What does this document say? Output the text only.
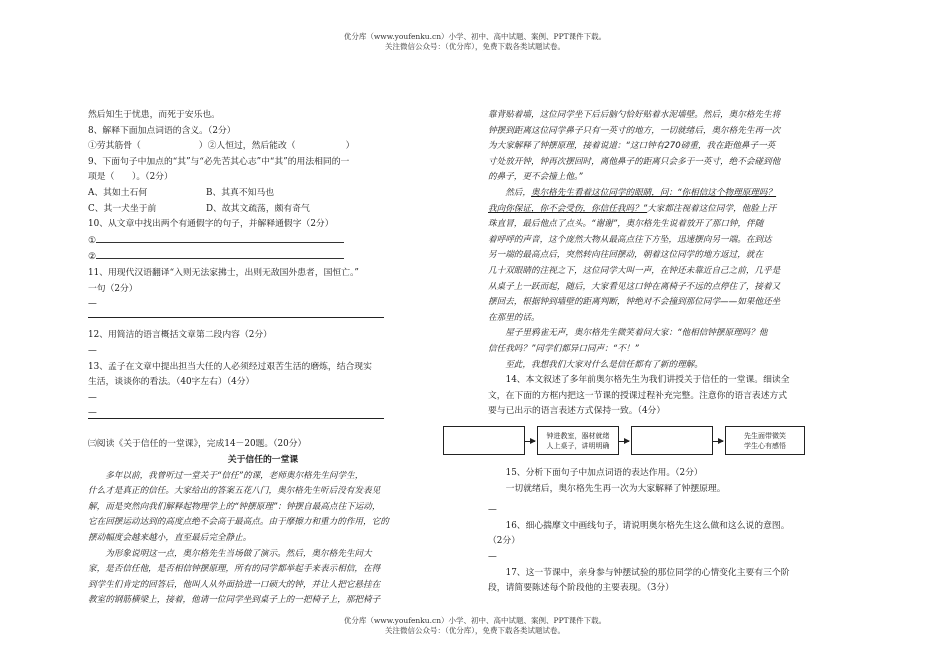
优分库（www.youfenku.cn）小学、初中、高中试题、案例、PPT课件下载。
关注微信公众号：（优分库），免费下载各类试题试卷。

然后知生于忧患，而死于安乐也。

8、解释下面加点词语的含义。（2分）

①劳其筋骨（	）②人恒过，然后能改（	）

9、下面句子中加点的“其”与“必先苦其心志”中“其”的用法相同的一

项是（　　）。（2分）

A、其如土石何	B、其真不知马也

C、其一犬坐于前	D、故其文疏荡，颇有奇气

10、从文章中找出两个有通假字的句子，并解释通假字（2分）

①

②

11、用现代汉语翻译“入则无法家拂士，出则无敌国外患者，国恒亡。”

一句（2分）

—

12、用简洁的语言概括文章第二段内容（2分）

—

13、孟子在文章中提出担当大任的人必须经过艰苦生活的磨炼，结合现实

生活，谈谈你的看法。（40字左右）（4分）

—

—

㈢阅读《关于信任的一堂课》，完成14－20题。（20分）

关于信任的一堂课

多年以前，我曾听过一堂关于“信任”的课，老师奥尔格先生问学生，

什么才是真正的信任。大家给出的答案五花八门，奥尔格先生听后没有发表见

解，而是突然向我们解释起物理学上的“钟摆原理”：钟摆自最高点往下运动，

它在回摆运动达到的高度点绝不会高于最高点。由于摩擦力和重力的作用，它的

摆动幅度会越来越小，直至最后完全静止。

为形象说明这一点，奥尔格先生当场做了演示。然后，奥尔格先生问大

家，是否信任他，是否相信钟摆原理，所有的同学都举起手来表示相信，在得

到学生们肯定的回答后，他叫人从外面拾进一口硕大的钟，并让人把它悬挂在

教室的钢筋横梁上，接着，他请一位同学坐到桌子上的一把椅子上，那把椅子

靠背贴着墙，这位同学坐下后后脑勺恰好贴着水泥墙壁。然后，奥尔格先生将

钟摆到距离这位同学鼻子只有一英寸的地方，一切就绪后，奥尔格先生再一次

为大家解释了钟摆原理，接着说道：“这口钟有270磅重，我在距他鼻子一英

寸处放开钟，钟再次摆回时，离他鼻子的距离只会多于一英寸，绝不会碰到他

的鼻子，更不会撞上他。”

然后，奥尔格先生看着这位同学的眼睛，问：“你相信这个物理原理吗？

我向你保证，你不会受伤，你信任我吗？”大家都注视着这位同学，他脸上汗

珠直冒，最后他点了点头。“谢谢”，奥尔格先生说着放开了那口钟，伴随

着呼呼的声音，这个庞然大物从最高点往下方坠，迅速摆向另一端。在到达

另一端的最高点后，突然转向往回摆动，朝着这位同学的地方返过，就在

几十双眼睛的注视之下，这位同学大叫一声，在钟还未靠近自己之前，几乎是

从桌子上一跃而起，随后，大家看见这口钟在离椅子不远的点停住了，接着又

摆回去，根据钟到墙壁的距离判断，钟绝对不会撞到那位同学——如果他还坐

在那里的话。

屋子里鸦雀无声，奥尔格先生微笑着问大家：“他相信钟摆原理吗？他

信任我吗？”同学们都异口同声：“不！”

至此，我想我们大家对什么是信任都有了新的理解。

14、本文叙述了多年前奥尔格先生为我们讲授关于信任的一堂课。细读全

文，在下面的方框内把这一节课的授课过程补充完整。注意你的语言表述方式

要与已出示的语言表述方式保持一致。（4分）

钟进教室，器材就绪
人上桌子，讲明明确
先生面带微笑
学生心有感悟

15、分析下面句子中加点词语的表达作用。（2分）

一切就绪后，奥尔格先生再一次为大家解释了钟摆原理。

—

16、细心揣摩文中画线句子，请说明奥尔格先生这么做和这么说的意图。

（2分）

—

17、这一节课中，亲身参与钟摆试验的那位同学的心情变化主要有三个阶

段，请简要陈述每个阶段他的主要表现。（3分）

优分库（www.youfenku.cn）小学、初中、高中试题、案例、PPT课件下载。
关注微信公众号：（优分库），免费下载各类试题试卷。
